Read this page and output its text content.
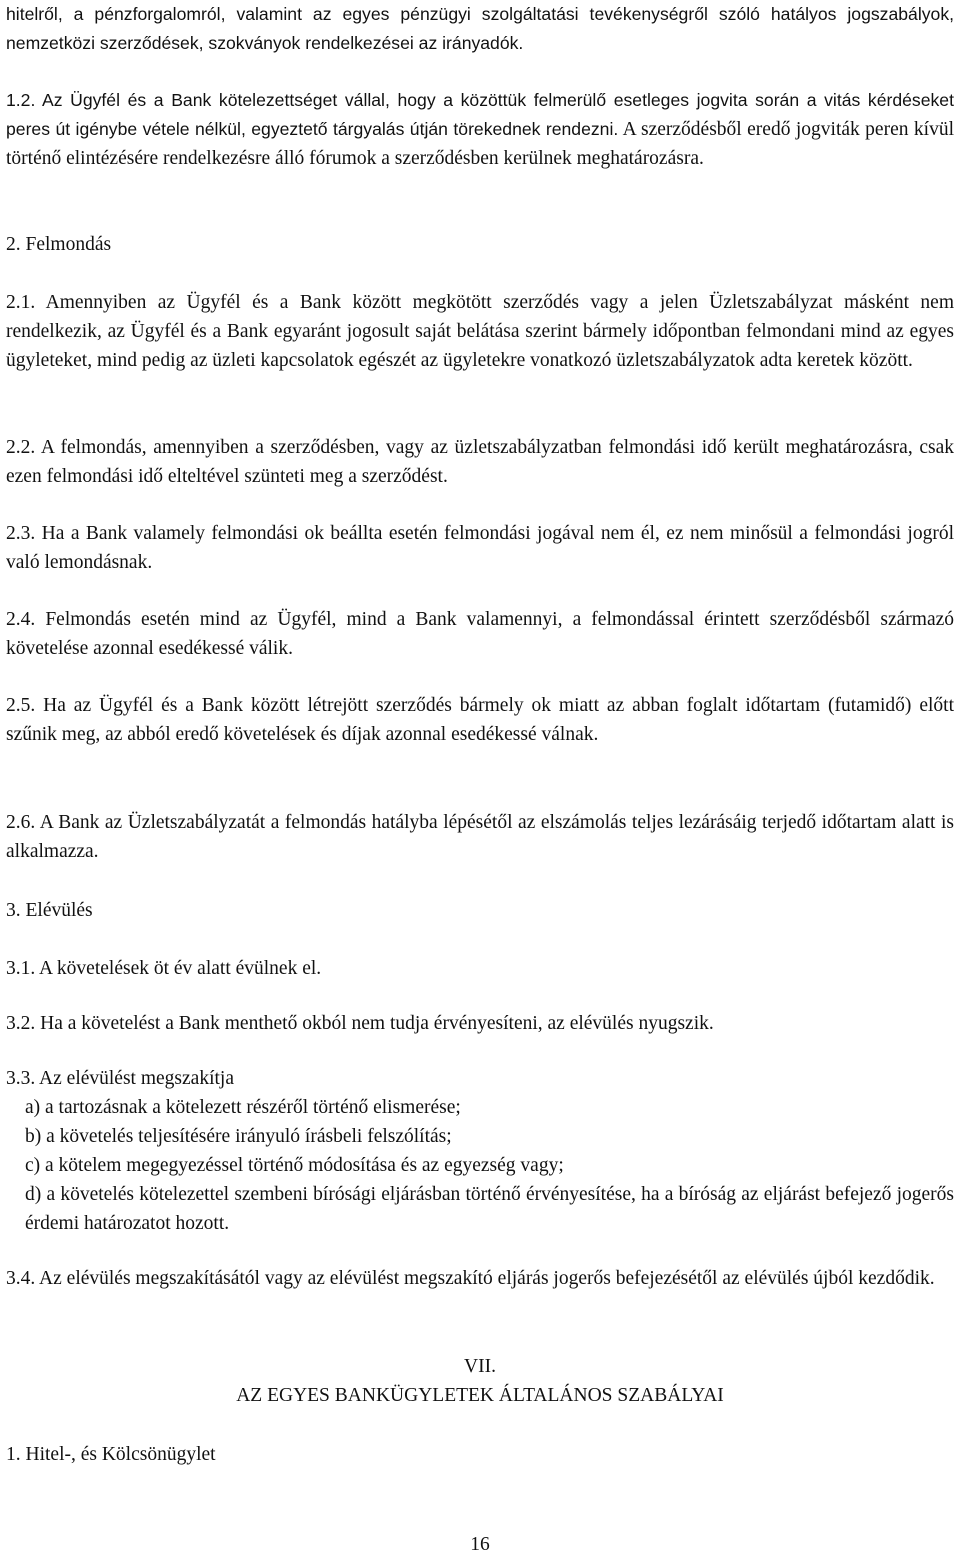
hitelről, a pénzforgalomról, valamint az egyes pénzügyi szolgáltatási tevékenységről szóló hatályos jogszabályok, nemzetközi szerződések, szokványok rendelkezései az irányadók.

1.2. Az Ügyfél és a Bank kötelezettséget vállal, hogy a közöttük felmerülő esetleges jogvita során a vitás kérdéseket peres út igénybe vétele nélkül, egyeztető tárgyalás útján törekednek rendezni. A szerződésből eredő jogviták peren kívül történő elintézésére rendelkezésre álló fórumok a szerződésben kerülnek meghatározásra.

2. Felmondás

2.1. Amennyiben az Ügyfél és a Bank között megkötött szerződés vagy a jelen Üzletszabályzat másként nem rendelkezik, az Ügyfél és a Bank egyaránt jogosult saját belátása szerint bármely időpontban felmondani mind az egyes ügyleteket, mind pedig az üzleti kapcsolatok egészét az ügyletekre vonatkozó üzletszabályzatok adta keretek között.

2.2. A felmondás, amennyiben a szerződésben, vagy az üzletszabályzatban felmondási idő került meghatározásra, csak ezen felmondási idő elteltével szünteti meg a szerződést.

2.3. Ha a Bank valamely felmondási ok beállta esetén felmondási jogával nem él, ez nem minősül a felmondási jogról való lemondásnak.

2.4. Felmondás esetén mind az Ügyfél, mind a Bank valamennyi, a felmondással érintett szerződésből származó követelése azonnal esedékessé válik.

2.5. Ha az Ügyfél és a Bank között létrejött szerződés bármely ok miatt az abban foglalt időtartam (futamidő) előtt szűnik meg, az abból eredő követelések és díjak azonnal esedékessé válnak.

2.6. A Bank az Üzletszabályzatát a felmondás hatályba lépésétől az elszámolás teljes lezárásáig terjedő időtartam alatt is alkalmazza.

3. Elévülés

3.1. A követelések öt év alatt évülnek el.

3.2. Ha a követelést a Bank menthető okból nem tudja érvényesíteni, az elévülés nyugszik.

3.3. Az elévülést megszakítja
a) a tartozásnak a kötelezett részéről történő elismerése;
b) a követelés teljesítésére irányuló írásbeli felszólítás;
c) a kötelem megegyezéssel történő módosítása és az egyezség vagy;
d) a követelés kötelezettel szembeni bírósági eljárásban történő érvényesítése, ha a bíróság az eljárást befejező jogerős érdemi határozatot hozott.

3.4. Az elévülés megszakításától vagy az elévülést megszakító eljárás jogerős befejezésétől az elévülés újból kezdődik.

VII.

AZ EGYES BANKÜGYLETEK ÁLTALÁNOS SZABÁLYAI

1. Hitel-, és Kölcsönügylet

16
